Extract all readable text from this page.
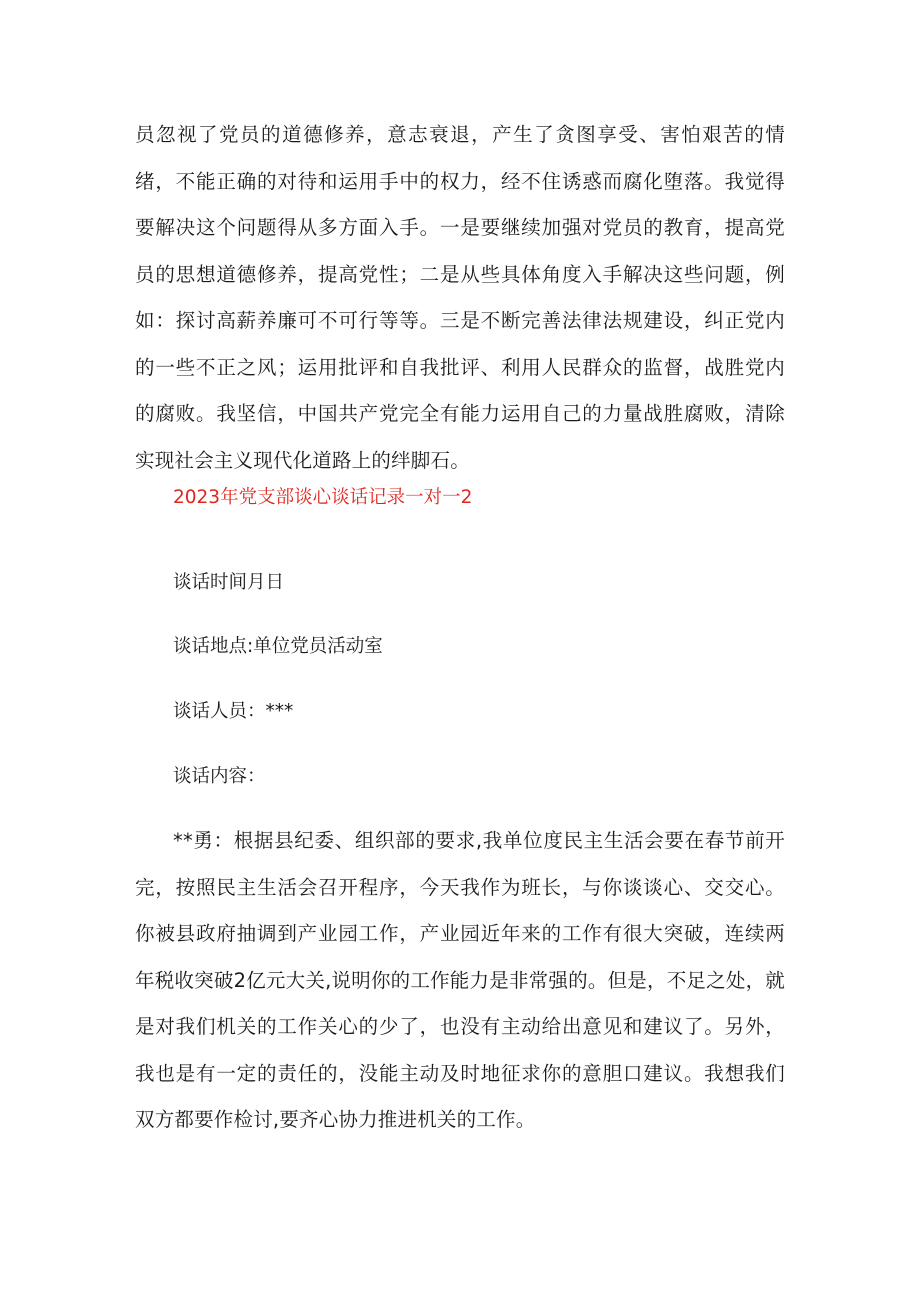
员忽视了党员的道德修养，意志衰退，产生了贪图享受、害怕艰苦的情绪，不能正确的对待和运用手中的权力，经不住诱惑而腐化堕落。我觉得要解决这个问题得从多方面入手。一是要继续加强对党员的教育，提高党员的思想道德修养，提高党性；二是从些具体角度入手解决这些问题，例如：探讨高薪养廉可不可行等等。三是不断完善法律法规建设，纠正党内的一些不正之风；运用批评和自我批评、利用人民群众的监督，战胜党内的腐败。我坚信，中国共产党完全有能力运用自己的力量战胜腐败，清除实现社会主义现代化道路上的绊脚石。

2023年党支部谈心谈话记录一对一2

谈话时间月日

谈话地点:单位党员活动室

谈话人员：***

谈话内容：

**勇：根据县纪委、组织部的要求,我单位度民主生活会要在春节前开完，按照民主生活会召开程序，今天我作为班长，与你谈谈心、交交心。你被县政府抽调到产业园工作，产业园近年来的工作有很大突破，连续两年税收突破2亿元大关,说明你的工作能力是非常强的。但是，不足之处，就是对我们机关的工作关心的少了，也没有主动给出意见和建议了。另外，我也是有一定的责任的，没能主动及时地征求你的意胆口建议。我想我们双方都要作检讨,要齐心协力推进机关的工作。
